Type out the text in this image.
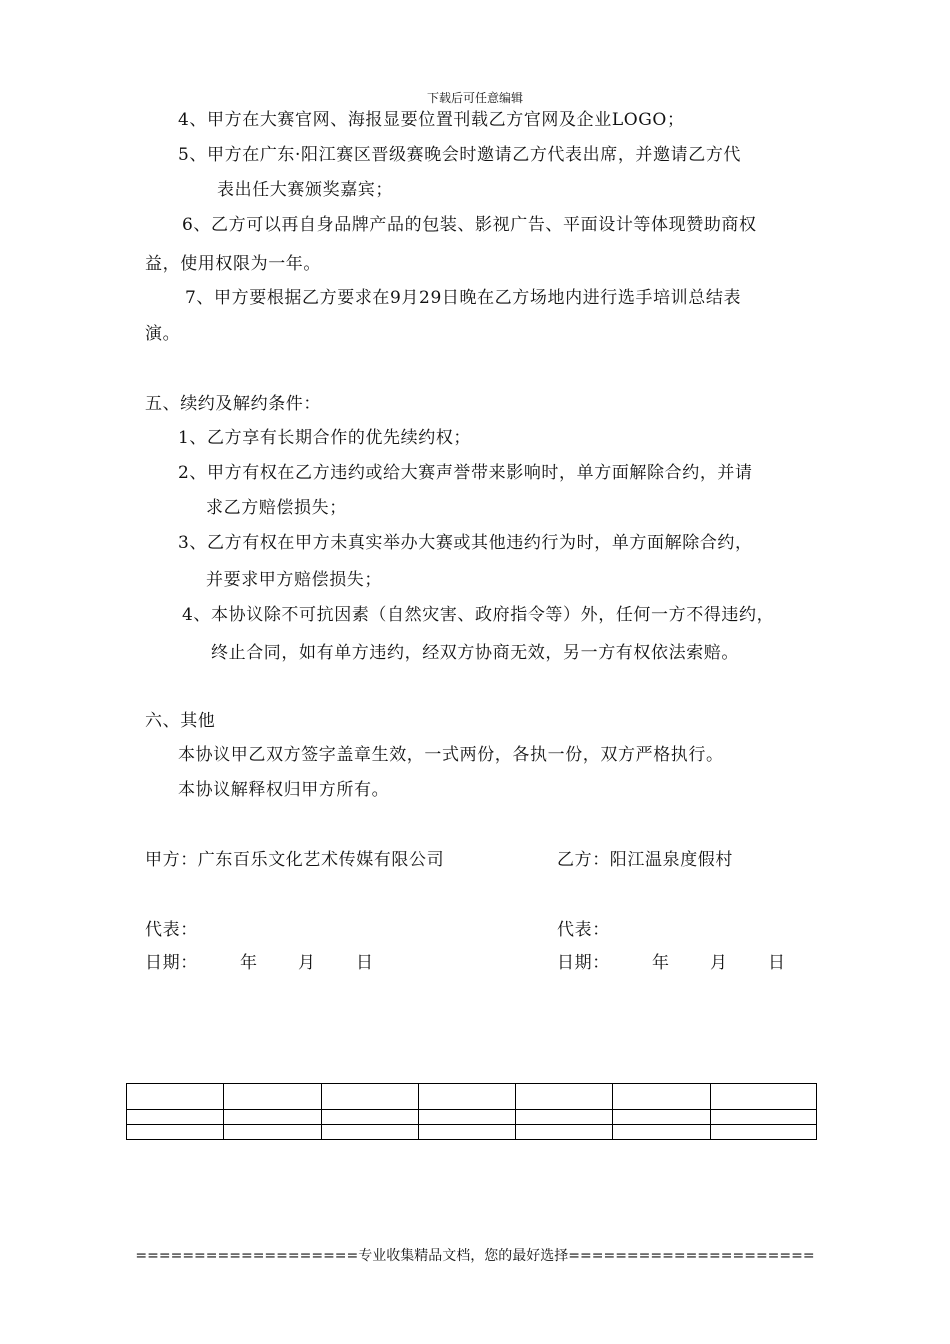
下载后可任意编辑
4、甲方在大赛官网、海报显要位置刊载乙方官网及企业LOGO；
5、甲方在广东·阳江赛区晋级赛晚会时邀请乙方代表出席，并邀请乙方代
表出任大赛颁奖嘉宾；
6、乙方可以再自身品牌产品的包装、影视广告、平面设计等体现赞助商权
益，使用权限为一年。
7、甲方要根据乙方要求在9月29日晚在乙方场地内进行选手培训总结表
演。
五、续约及解约条件：
1、乙方享有长期合作的优先续约权；
2、甲方有权在乙方违约或给大赛声誉带来影响时，单方面解除合约，并请
求乙方赔偿损失；
3、乙方有权在甲方未真实举办大赛或其他违约行为时，单方面解除合约，
并要求甲方赔偿损失；
4、本协议除不可抗因素（自然灾害、政府指令等）外，任何一方不得违约，
终止合同，如有单方违约，经双方协商无效，另一方有权依法索赔。
六、其他
本协议甲乙双方签字盖章生效，一式两份，各执一份，双方严格执行。
本协议解释权归甲方所有。
甲方：广东百乐文化艺术传媒有限公司	乙方：阳江温泉度假村
代表：	代表：
日期： 年 月 日	日期： 年 月 日

===================专业收集精品文档，您的最好选择=====================
